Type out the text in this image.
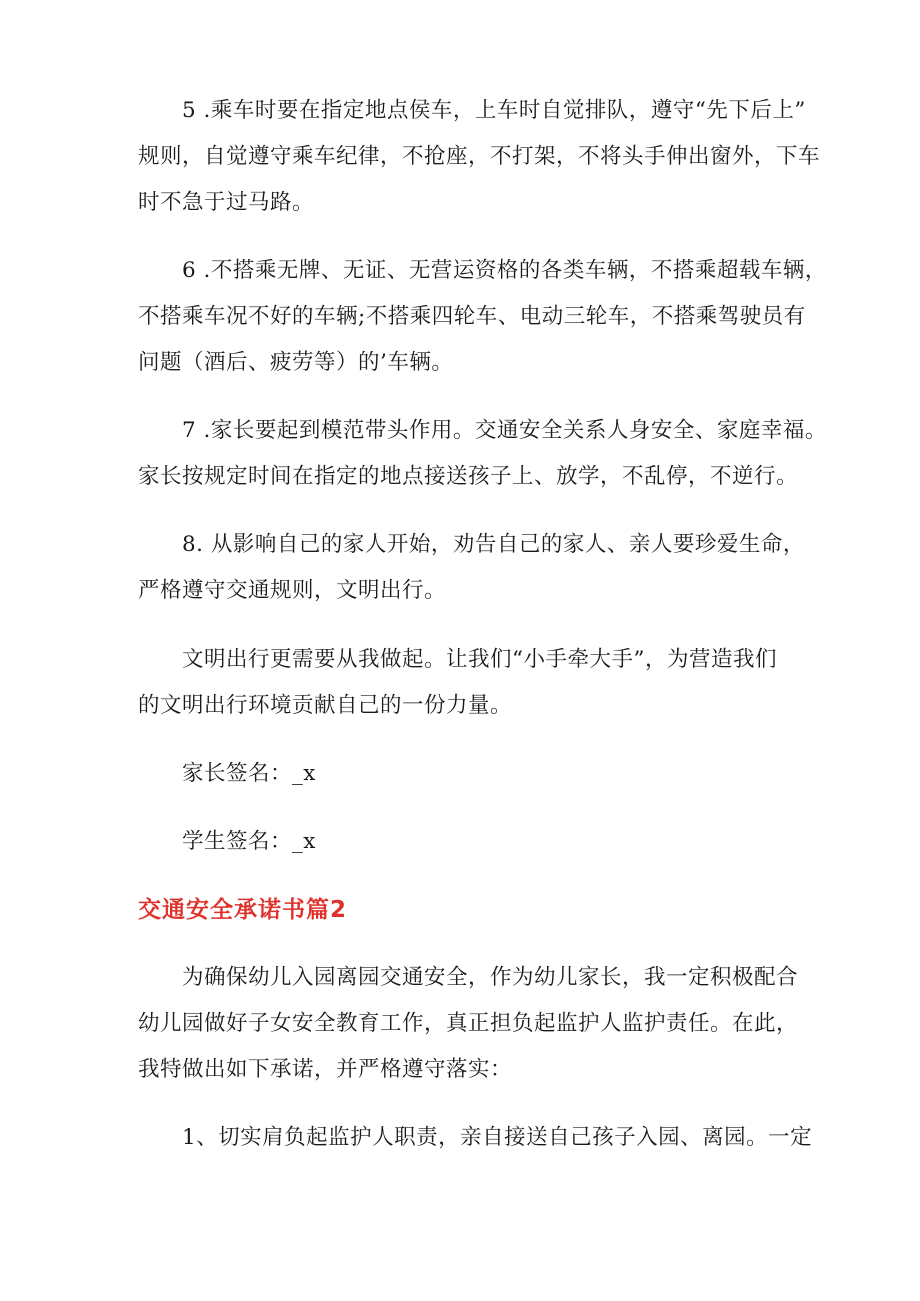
5 .乘车时要在指定地点侯车，上车时自觉排队，遵守“先下后上”
规则，自觉遵守乘车纪律，不抢座，不打架，不将头手伸出窗外，下车
时不急于过马路。

6 .不搭乘无牌、无证、无营运资格的各类车辆，不搭乘超载车辆，
不搭乘车况不好的车辆;不搭乘四轮车、电动三轮车，不搭乘驾驶员有
问题（酒后、疲劳等）的’车辆。

7 .家长要起到模范带头作用。交通安全关系人身安全、家庭幸福。
家长按规定时间在指定的地点接送孩子上、放学，不乱停，不逆行。

8. 从影响自己的家人开始，劝告自己的家人、亲人要珍爱生命，
严格遵守交通规则，文明出行。

文明出行更需要从我做起。让我们“小手牵大手”，为营造我们
的文明出行环境贡献自己的一份力量。

家长签名：_x

学生签名：_x

交通安全承诺书篇2

为确保幼儿入园离园交通安全，作为幼儿家长，我一定积极配合
幼儿园做好子女安全教育工作，真正担负起监护人监护责任。在此，
我特做出如下承诺，并严格遵守落实：

1、切实肩负起监护人职责，亲自接送自己孩子入园、离园。一定
